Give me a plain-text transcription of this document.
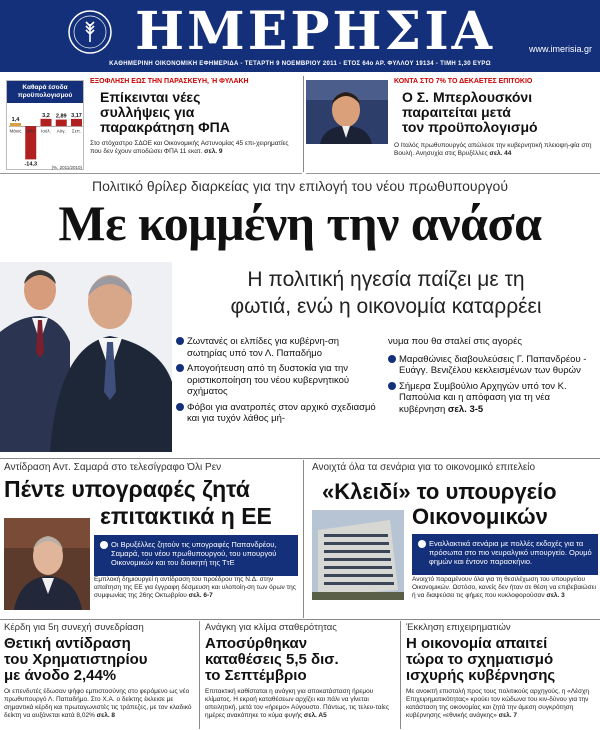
ΗΜΕΡΗΣΙΑ	www.imerisia.gr
ΚΑΘΗΜΕΡΙΝΗ ΟΙΚΟΝΟΜΙΚΗ ΕΦΗΜΕΡΙΔΑ - ΤΕΤΑΡΤΗ 9 ΝΟΕΜΒΡΙΟΥ 2011 - ΕΤΟΣ 64ο ΑΡ. ΦΥΛΛΟΥ 19134 - ΤΙΜΗ 1,30 ΕΥΡΩ
Καθαρά έσοδα προϋπολογισμού
1,4
Μάιος
-14,3
Ιούν.
3,2
Ιούλ.
2,89
Αύγ.
3,17
Σεπ.
(%, 2011/2010)
ΕΞΟΦΛΗΣΗ ΕΩΣ ΤΗΝ ΠΑΡΑΣΚΕΥΗ, Ή ΦΥΛΑΚΗ
Επίκεινται νέες
συλλήψεις για
παρακράτηση ΦΠΑ
Στο στόχαστρο ΣΔΟΕ και Οικονομικής Αστυνομίας 45 επι-χειρηματίες που δεν έχουν αποδώσει ΦΠΑ 11 εκατ. σελ. 9
ΚΟΝΤΑ ΣΤΟ 7% ΤΟ ΔΕΚΑΕΤΕΣ ΕΠΙΤΟΚΙΟ
Ο Σ. Μπερλουσκόνι
παραιτείται μετά
τον προϋπολογισμό
Ο Ιταλός πρωθυπουργός απώλεσε την κυβερνητική πλειοψη-φία στη Βουλή. Ανησυχία στις Βρυξέλλες σελ. 44
Πολιτικό θρίλερ διαρκείας για την επιλογή του νέου πρωθυπουργού
Με κομμένη την ανάσα
Η πολιτική ηγεσία παίζει με τη
φωτιά, ενώ η οικονομία καταρρέει
Ζωντανές οι ελπίδες για κυβέρνη-ση σωτηρίας υπό τον Λ. Παπαδήμο
Απογοήτευση από τη δυστοκία για την οριστικοποίηση του νέου κυβερνητικού σχήματος
Φόβοι για ανατροπές στον αρχικό σχεδιασμό και για τυχόν λάθος μή-
νυμα που θα σταλεί στις αγορές
Μαραθώνιες διαβουλεύσεις Γ. Παπανδρέου - Ευάγγ. Βενιζέλου κεκλεισμένων των θυρών
Σήμερα Συμβούλιο Αρχηγών υπό τον Κ. Παπούλια και η απόφαση για τη νέα κυβέρνηση σελ. 3-5
Αντίδραση Αντ. Σαμαρά στο τελεσίγραφο Όλι Ρεν
Πέντε υπογραφές ζητά
επιτακτικά η ΕΕ
Οι Βρυξέλλες ζητούν τις υπογραφές Παπανδρέου, Σαμαρά, του νέου πρωθυπουργού, του υπουργού Οικονομικών και του διοικητή της ΤτΕ
Εμπλοκή δημιουργεί η αντίδραση του προέδρου της Ν.Δ. στην απαίτηση της ΕΕ για έγγραφη δέσμευση και υλοποίη-ση των όρων της συμφωνίας της 26ης Οκτωβρίου σελ. 6-7
Ανοιχτά όλα τα σενάρια για το οικονομικό επιτελείο
«Κλειδί» το υπουργείο
Οικονομικών
Εναλλακτικά σενάρια με πολλές εκδοχές για τα πρόσωπα στο πιο νευραλγικό υπουργείο. Ορυμό φημών και έντονο παρασκήνιο.
Ανοιχτό παραμένουν όλα για τη θεσιλέχωση του υπουργείου Οικονομικών. Ωστόσο, κανείς δεν ήταν σε θέση να επιβεβαιώσει ή να διαψεύσει τις φήμες που κυκλοφορούσαν σελ. 3
Κέρδη για 5η συνεχή συνεδρίαση
Θετική αντίδραση
του Χρηματιστηρίου
με άνοδο 2,44%
Οι επενδυτές έδωσαν ψήφο εμπιστοσύνης στο φερόμενο ως νέο πρωθυπουργό Λ. Παπαδήμο. Στο Χ.Α. ο δείκτης έκλεισε με σημαντικά κέρδη και πρωταγωνιστές τις τράπεζες, με τον κλαδικό δείκτη να αυξάνεται κατά 8,02% σελ. 8
Ανάγκη για κλίμα σταθερότητας
Αποσύρθηκαν
καταθέσεις 5,5 δισ.
το Σεπτέμβριο
Επιτακτική καθίσταται η ανάγκη για αποκατάσταση ήρεμου κλίματος. Η εκροή καταθέσεων αρχίζει και πάλι να γίνεται απειλητική, μετά τον «ήρεμο» Αύγουστο. Πάντως, τις τελευ-ταίες ημέρες ανακόπηκε το κύμα φυγής σελ. Α5
Έκκληση επιχειρηματιών
Η οικονομία απαιτεί
τώρα το σχηματισμό
ισχυρής κυβέρνησης
Με ανοικτή επιστολή προς τους πολιτικούς αρχηγούς, η «Λέσχη Επιχειρηματικότητας» κρούει τον κώδωνα του κιν-δύνου για την κατάσταση της οικονομίας και ζητά την άμεση συγκρότηση κυβέρνησης «εθνικής ανάγκης» σελ. 7
